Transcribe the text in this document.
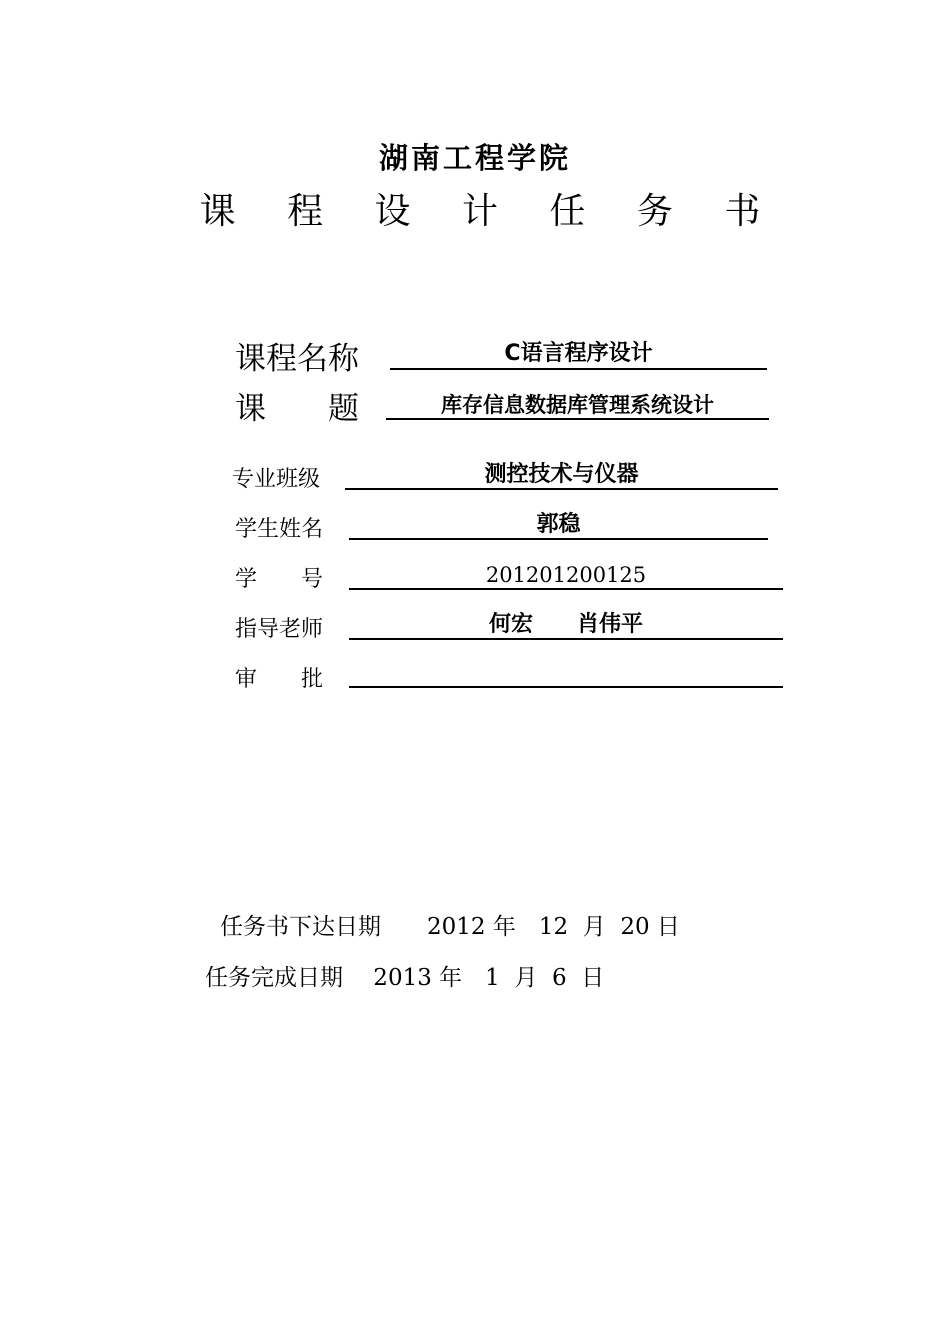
湖南工程学院
课 程 设 计 任 务 书
课程名称	C语言程序设计
课　　题	库存信息数据库管理系统设计
专业班级	测控技术与仪器
学生姓名	郭稳
学　　号	201201200125
指导老师	何宏　　肖伟平
审　　批
任务书下达日期　　2012 年　12  月  20 日
任务完成日期　 2013 年　1  月  6  日
